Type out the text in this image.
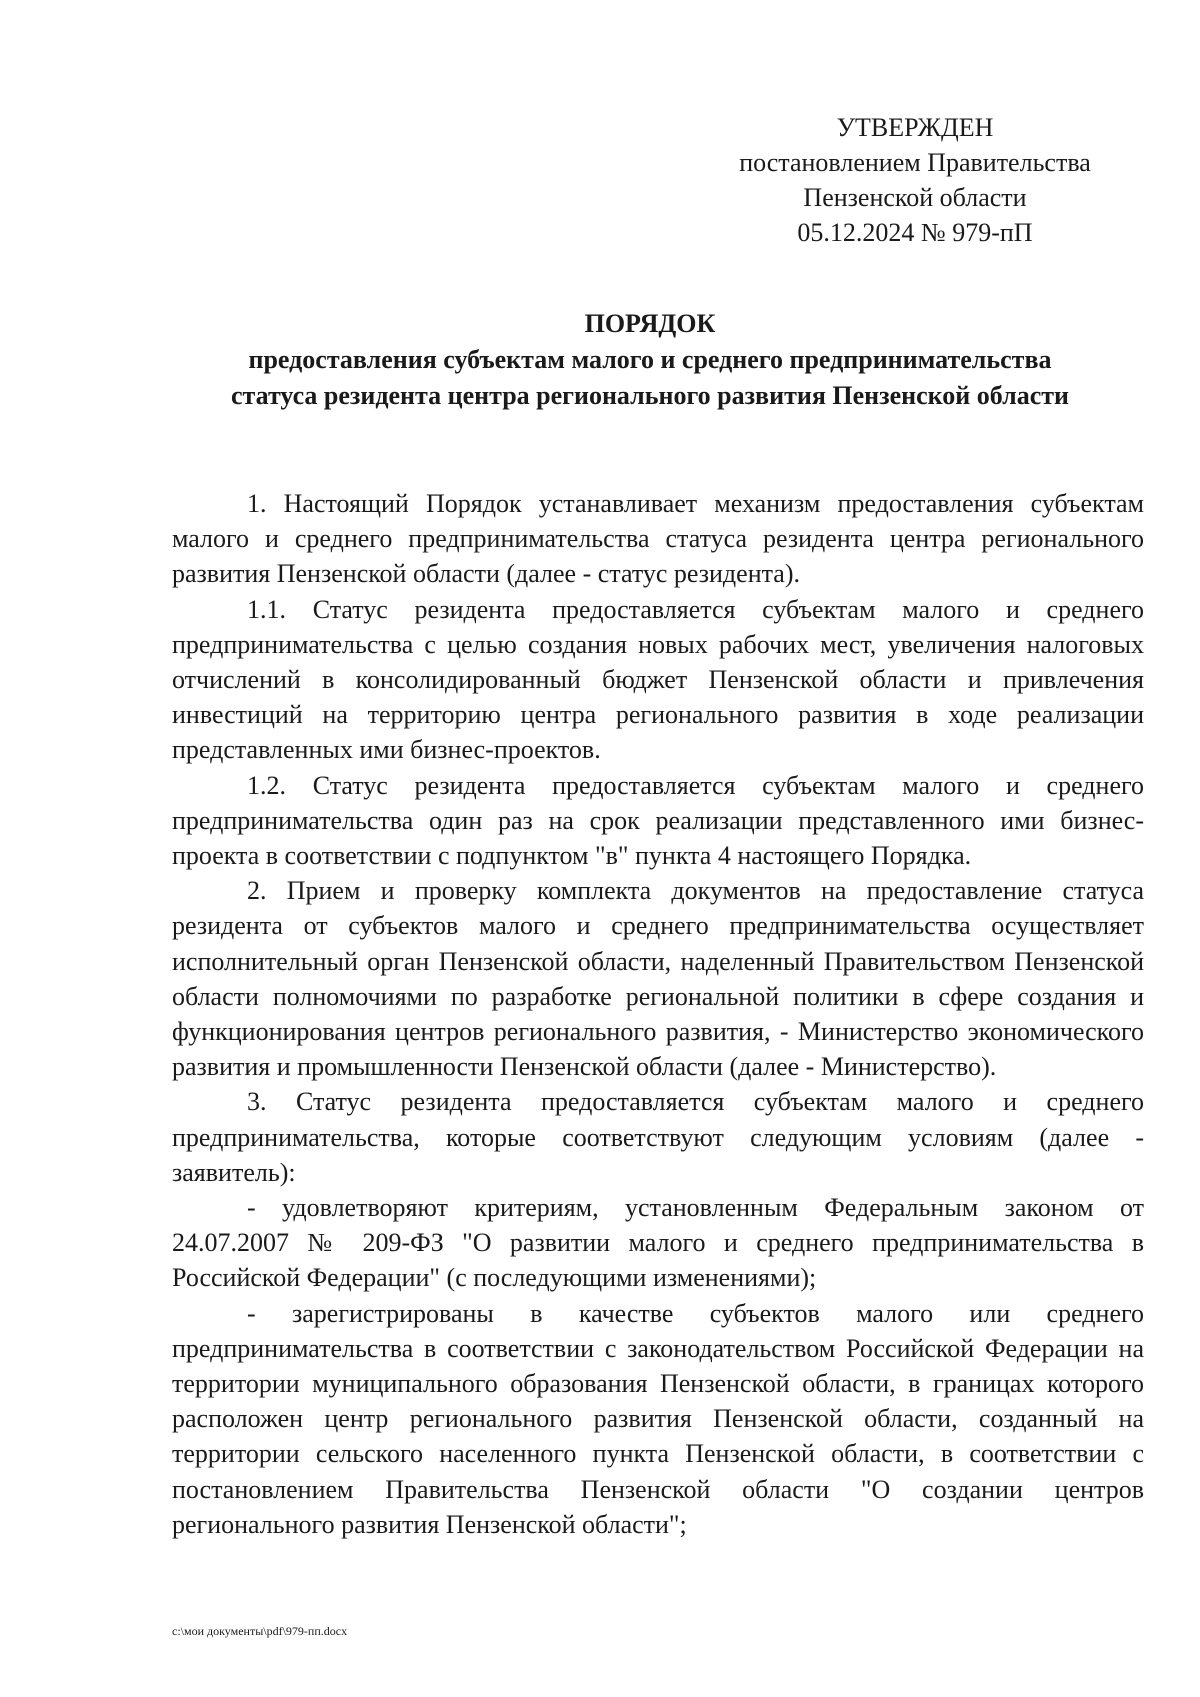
УТВЕРЖДЕН
постановлением Правительства
Пензенской области
05.12.2024 № 979-пП
ПОРЯДОК
предоставления субъектам малого и среднего предпринимательства
статуса резидента центра регионального развития Пензенской области

1. Настоящий Порядок устанавливает механизм предоставления субъектам малого и среднего предпринимательства статуса резидента центра регионального развития Пензенской области (далее - статус резидента).

1.1. Статус резидента предоставляется субъектам малого и среднего предпринимательства с целью создания новых рабочих мест, увеличения налоговых отчислений в консолидированный бюджет Пензенской области и привлечения инвестиций на территорию центра регионального развития в ходе реализации представленных ими бизнес-проектов.

1.2. Статус резидента предоставляется субъектам малого и среднего предпринимательства один раз на срок реализации представленного ими бизнес-проекта в соответствии с подпунктом "в" пункта 4 настоящего Порядка.

2. Прием и проверку комплекта документов на предоставление статуса резидента от субъектов малого и среднего предпринимательства осуществляет исполнительный орган Пензенской области, наделенный Правительством Пензенской области полномочиями по разработке региональной политики в сфере создания и функционирования центров регионального развития, - Министерство экономического развития и промышленности Пензенской области (далее - Министерство).

3. Статус резидента предоставляется субъектам малого и среднего предпринимательства, которые соответствуют следующим условиям (далее - заявитель):

- удовлетворяют критериям, установленным Федеральным законом от 24.07.2007 № 209-ФЗ "О развитии малого и среднего предпринимательства в Российской Федерации" (с последующими изменениями);

- зарегистрированы в качестве субъектов малого или среднего предпринимательства в соответствии с законодательством Российской Федерации на территории муниципального образования Пензенской области, в границах которого расположен центр регионального развития Пензенской области, созданный на территории сельского населенного пункта Пензенской области, в соответствии с постановлением Правительства Пензенской области "О создании центров регионального развития Пензенской области";

c:\мои документы\pdf\979-пп.docx
